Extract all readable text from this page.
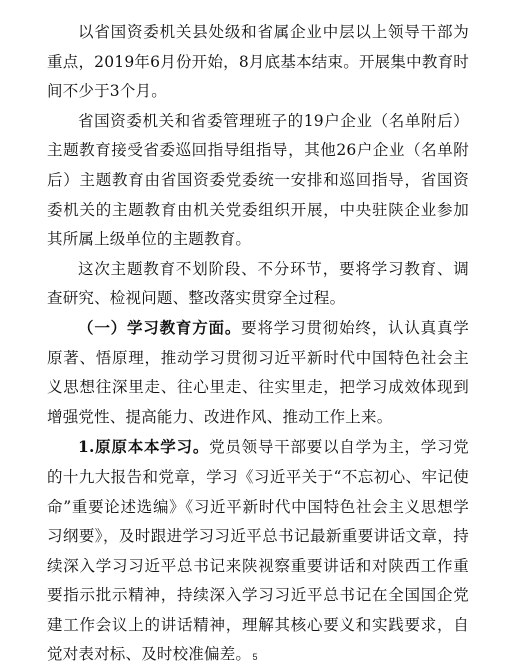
以省国资委机关县处级和省属企业中层以上领导干部为重点，2019年6月份开始，8月底基本结束。开展集中教育时间不少于3个月。

省国资委机关和省委管理班子的19户企业（名单附后）主题教育接受省委巡回指导组指导，其他26户企业（名单附后）主题教育由省国资委党委统一安排和巡回指导，省国资委机关的主题教育由机关党委组织开展，中央驻陕企业参加其所属上级单位的主题教育。

这次主题教育不划阶段、不分环节，要将学习教育、调查研究、检视问题、整改落实贯穿全过程。

（一）学习教育方面。要将学习贯彻始终，认认真真学原著、悟原理，推动学习贯彻习近平新时代中国特色社会主义思想往深里走、往心里走、往实里走，把学习成效体现到增强党性、提高能力、改进作风、推动工作上来。

1.原原本本学习。党员领导干部要以自学为主，学习党的十九大报告和党章，学习《习近平关于“不忘初心、牢记使命”重要论述选编》《习近平新时代中国特色社会主义思想学习纲要》，及时跟进学习习近平总书记最新重要讲话文章，持续深入学习习近平总书记来陕视察重要讲话和对陕西工作重要指示批示精神，持续深入学习习近平总书记在全国国企党建工作会议上的讲话精神，理解其核心要义和实践要求，自觉对表对标、及时校准偏差。 5
